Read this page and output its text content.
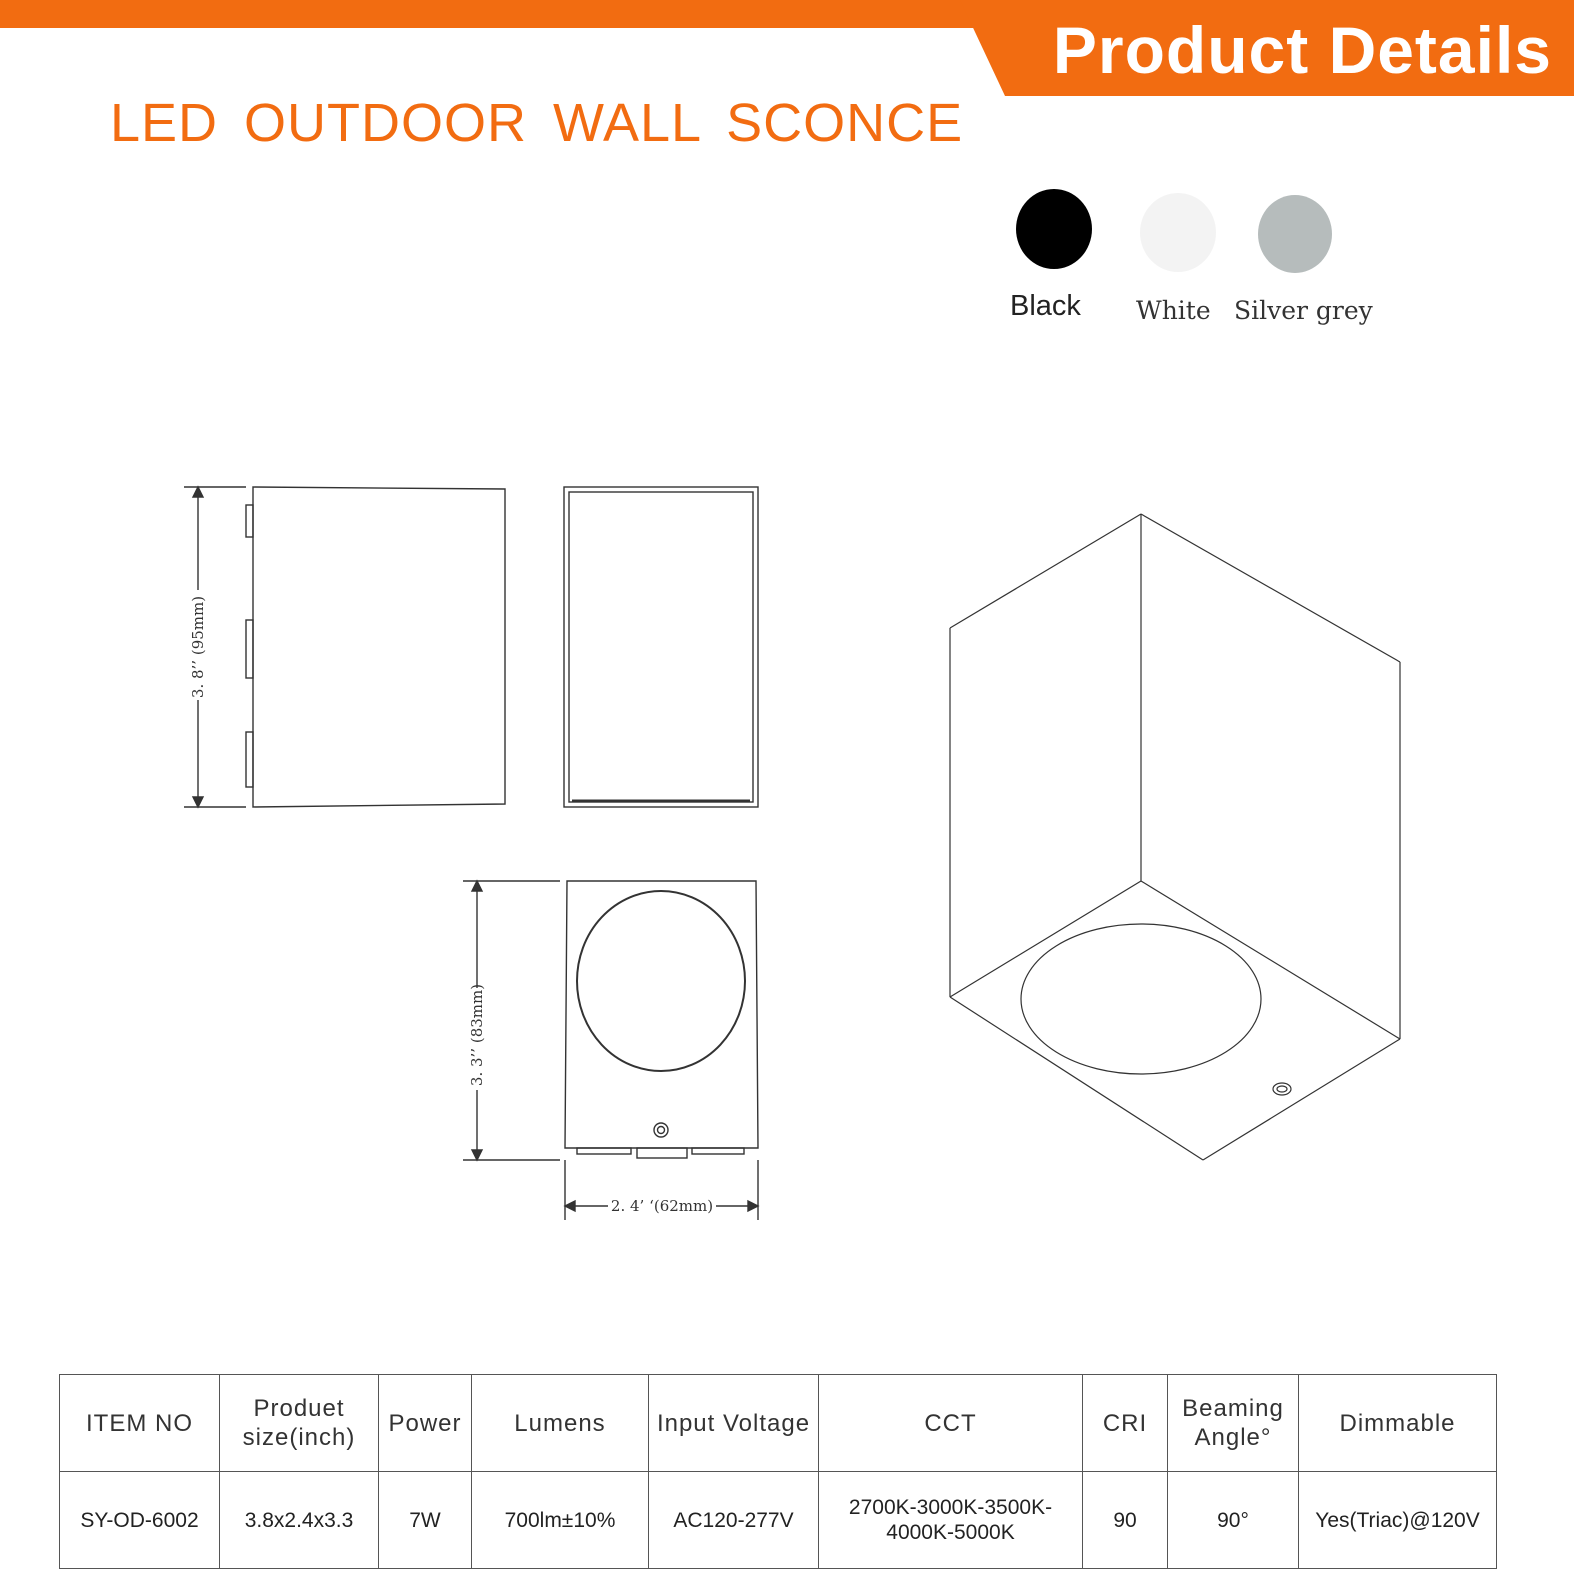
Product Details
LED OUTDOOR WALL SCONCE
Black White Silver grey
3. 8’’ (95mm)
3. 3’’ (83mm)
2. 4’ ‘(62mm)
ITEM NO	Produet size(inch)	Power	Lumens	Input Voltage	CCT	CRI	Beaming Angle°	Dimmable
SY-OD-6002	3.8x2.4x3.3	7W	700lm±10%	AC120-277V	2700K-3000K-3500K-4000K-5000K	90	90°	Yes(Triac)@120V
